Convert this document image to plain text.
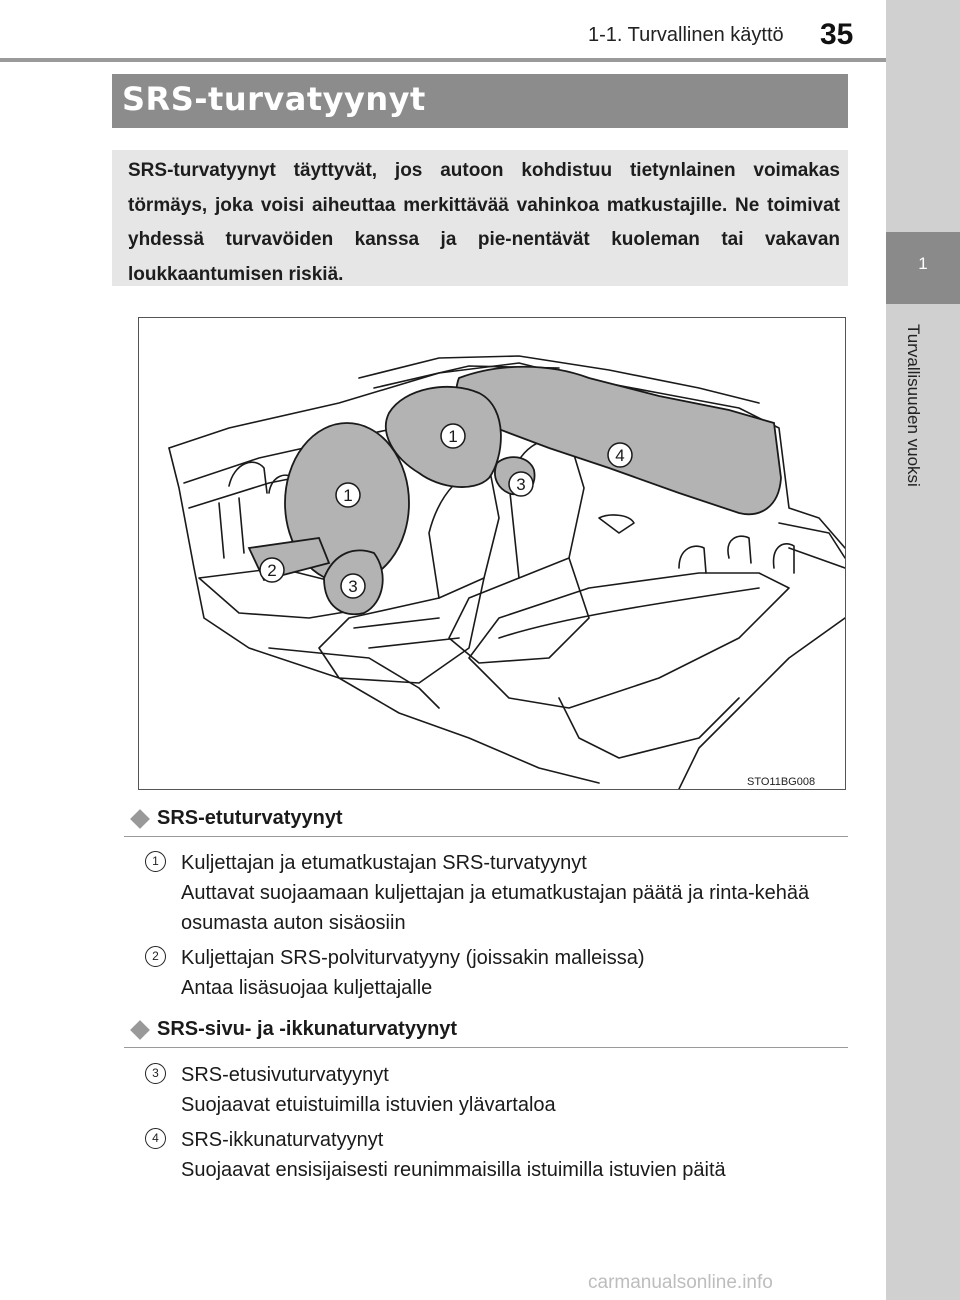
1-1. Turvallinen käyttö 35
1
Turvallisuuden vuoksi
SRS-turvatyynyt
SRS-turvatyynyt täyttyvät, jos autoon kohdistuu tietynlainen voimakas törmäys, joka voisi aiheuttaa merkittävää vahinkoa matkustajille. Ne toimivat yhdessä turvavöiden kanssa ja pie-nentävät kuoleman tai vakavan loukkaantumisen riskiä.
1
1
2
3
3
4
STO11BG008
SRS-etuturvatyynyt
1	Kuljettajan ja etumatkustajan SRS-turvatyynyt
Auttavat suojaamaan kuljettajan ja etumatkustajan päätä ja rinta-kehää osumasta auton sisäosiin
2	Kuljettajan SRS-polviturvatyyny (joissakin malleissa)
Antaa lisäsuojaa kuljettajalle
SRS-sivu- ja -ikkunaturvatyynyt
3	SRS-etusivuturvatyynyt
Suojaavat etuistuimilla istuvien ylävartaloa
4	SRS-ikkunaturvatyynyt
Suojaavat ensisijaisesti reunimmaisilla istuimilla istuvien päitä
carmanualsonline.info
